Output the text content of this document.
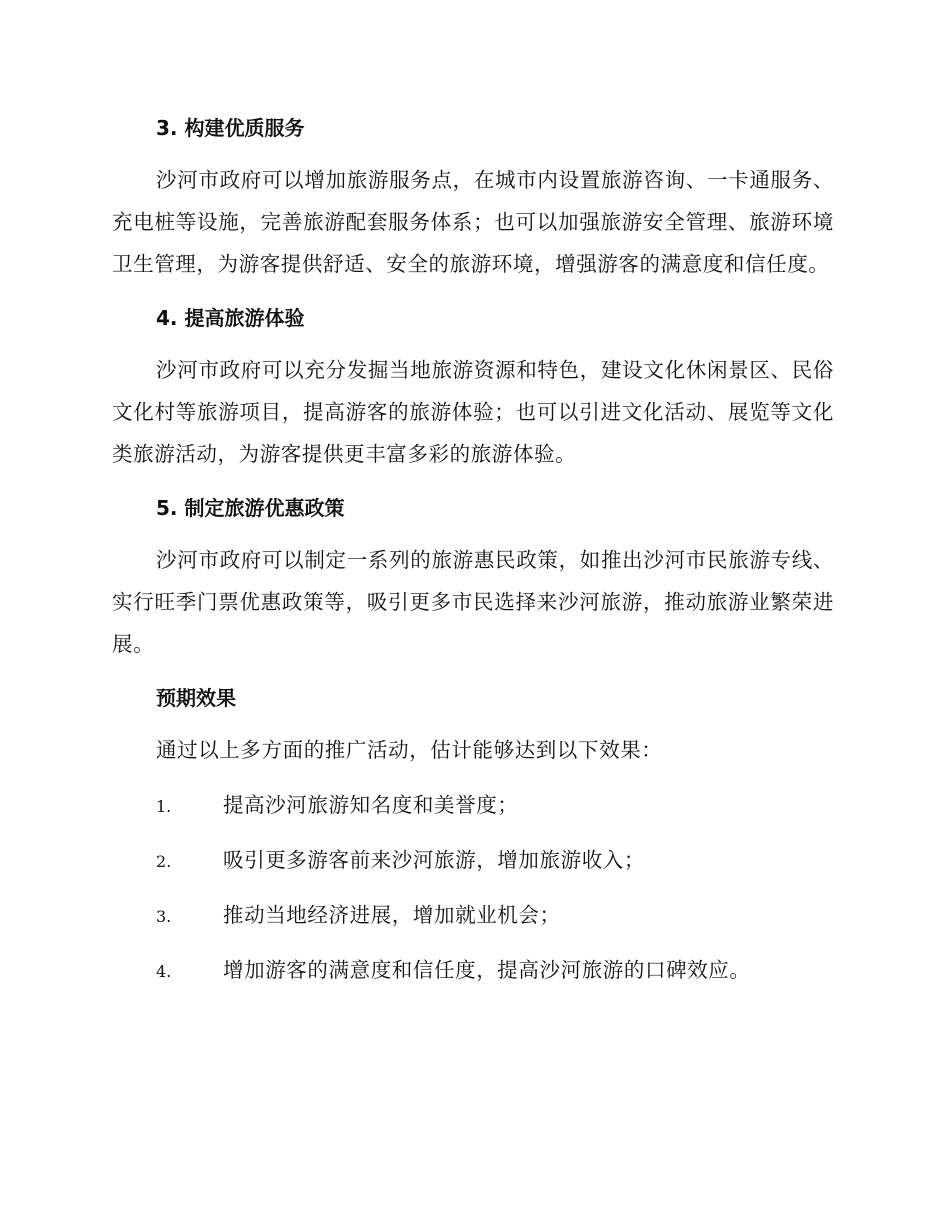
3. 构建优质服务

沙河市政府可以增加旅游服务点，在城市内设置旅游咨询、一卡通服务、充电桩等设施，完善旅游配套服务体系；也可以加强旅游安全管理、旅游环境卫生管理，为游客提供舒适、安全的旅游环境，增强游客的满意度和信任度。

4. 提高旅游体验

沙河市政府可以充分发掘当地旅游资源和特色，建设文化休闲景区、民俗文化村等旅游项目，提高游客的旅游体验；也可以引进文化活动、展览等文化类旅游活动，为游客提供更丰富多彩的旅游体验。

5. 制定旅游优惠政策

沙河市政府可以制定一系列的旅游惠民政策，如推出沙河市民旅游专线、实行旺季门票优惠政策等，吸引更多市民选择来沙河旅游，推动旅游业繁荣进展。

预期效果

通过以上多方面的推广活动，估计能够达到以下效果：

1.	提高沙河旅游知名度和美誉度；
2.	吸引更多游客前来沙河旅游，增加旅游收入；
3.	推动当地经济进展，增加就业机会；
4.	增加游客的满意度和信任度，提高沙河旅游的口碑效应。
